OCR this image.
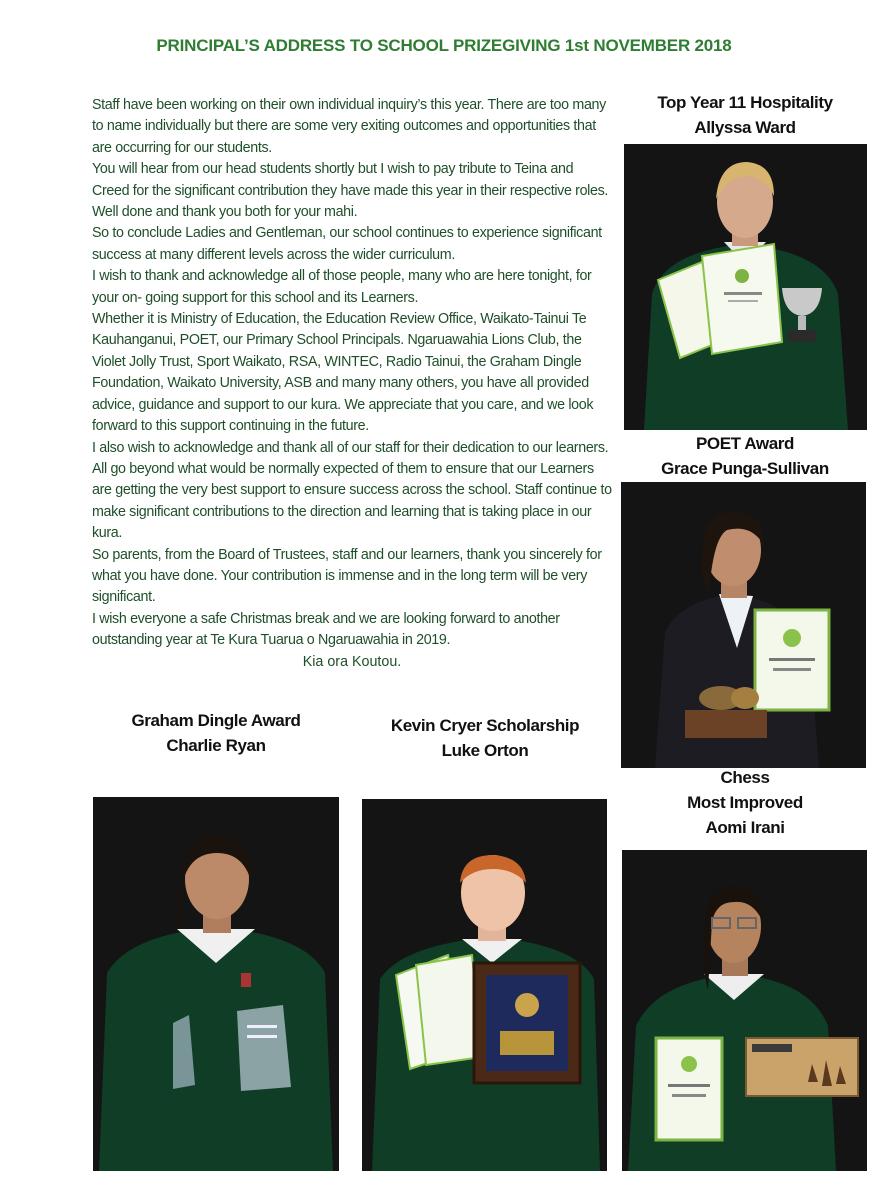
PRINCIPAL’S ADDRESS TO SCHOOL PRIZEGIVING 1st NOVEMBER 2018

Staff have been working on their own individual inquiry’s this year. There are too many to name individually but there are some very exiting outcomes and opportunities that are occurring for our students.

You will hear from our head students shortly but I wish to pay tribute to Teina and Creed for the significant contribution they have made this year in their respective roles. Well done and thank you both for your mahi.

So to conclude Ladies and Gentleman, our school continues to experience significant success at many different levels across the wider curriculum.

I wish to thank and acknowledge all of those people, many who are here tonight, for your on- going support for this school and its Learners.

Whether it is Ministry of Education, the Education Review Office, Waikato-Tainui Te Kauhanganui, POET, our Primary School Principals. Ngaruawahia Lions Club, the Violet Jolly Trust, Sport Waikato, RSA, WINTEC, Radio Tainui, the Graham Dingle Foundation, Waikato University, ASB and many many others, you have all provided advice, guidance and support to our kura. We appreciate that you care, and we look forward to this support continuing in the future.

I also wish to acknowledge and thank all of our staff for their dedication to our learners. All go beyond what would be normally expected of them to ensure that our Learners are getting the very best support to ensure success across the school. Staff continue to make significant contributions to the direction and learning that is taking place in our kura.

So parents, from the Board of Trustees, staff and our learners, thank you sincerely for what you have done. Your contribution is immense and in the long term will be very significant.

I wish everyone a safe Christmas break and we are looking forward to another outstanding year at Te Kura Tuarua o Ngaruawahia in 2019.

Kia ora Koutou.
Top Year 11 Hospitality
Allyssa Ward
POET Award
Grace Punga-Sullivan
Chess
Most Improved
Aomi Irani
Graham Dingle Award
Charlie Ryan
Kevin Cryer Scholarship
Luke Orton
